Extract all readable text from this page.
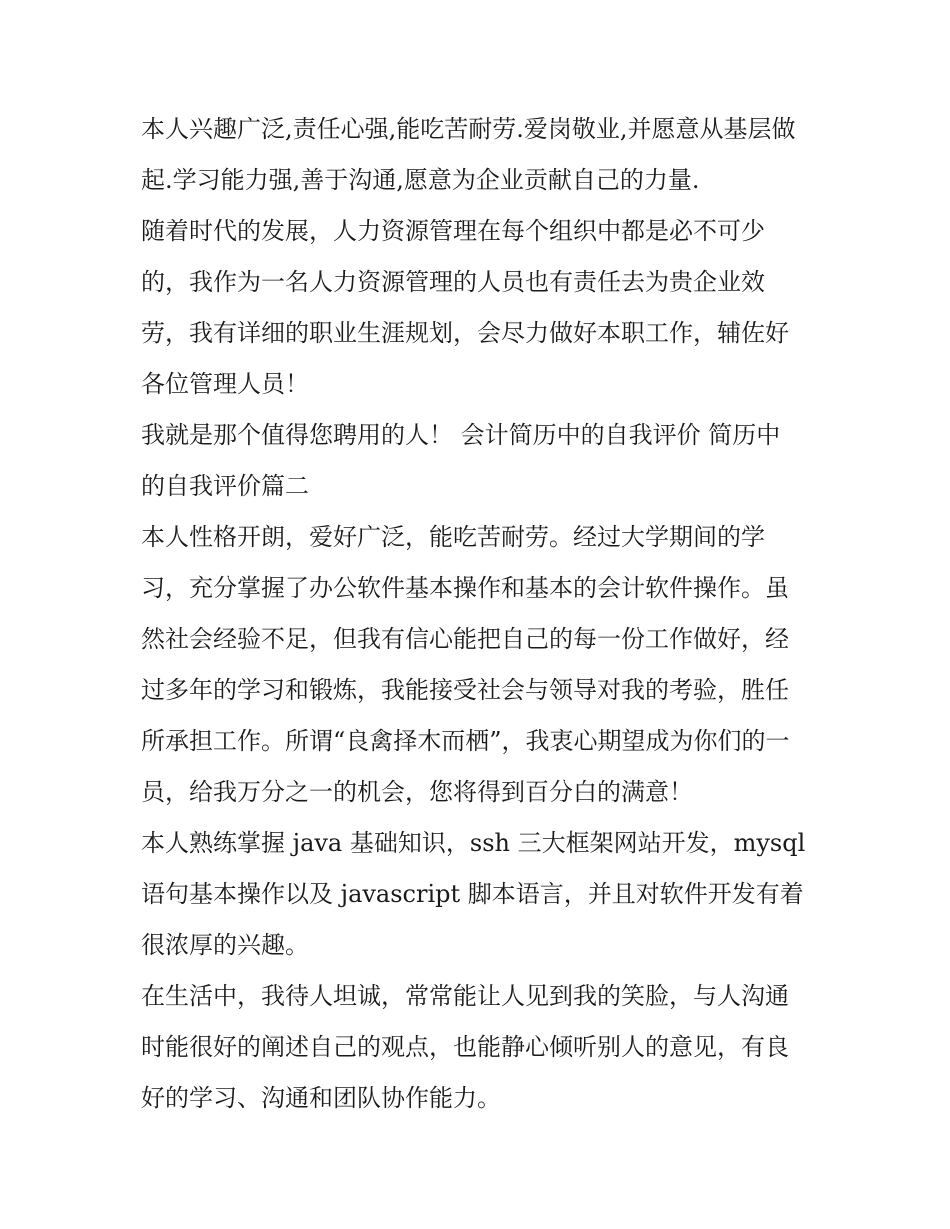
本人兴趣广泛,责任心强,能吃苦耐劳.爱岗敬业,并愿意从基层做
起.学习能力强,善于沟通,愿意为企业贡献自己的力量.

随着时代的发展，人力资源管理在每个组织中都是必不可少
的，我作为一名人力资源管理的人员也有责任去为贵企业效
劳，我有详细的职业生涯规划，会尽力做好本职工作，辅佐好
各位管理人员！

我就是那个值得您聘用的人！ 会计简历中的自我评价 简历中
的自我评价篇二

本人性格开朗，爱好广泛，能吃苦耐劳。经过大学期间的学
习，充分掌握了办公软件基本操作和基本的会计软件操作。虽
然社会经验不足，但我有信心能把自己的每一份工作做好，经
过多年的学习和锻炼，我能接受社会与领导对我的考验，胜任
所承担工作。所谓“良禽择木而栖”，我衷心期望成为你们的一
员，给我万分之一的机会，您将得到百分白的满意！

本人熟练掌握 java 基础知识，ssh 三大框架网站开发，mysql
语句基本操作以及 javascript 脚本语言，并且对软件开发有着
很浓厚的兴趣。

在生活中，我待人坦诚，常常能让人见到我的笑脸，与人沟通
时能很好的阐述自己的观点，也能静心倾听别人的意见，有良
好的学习、沟通和团队协作能力。
